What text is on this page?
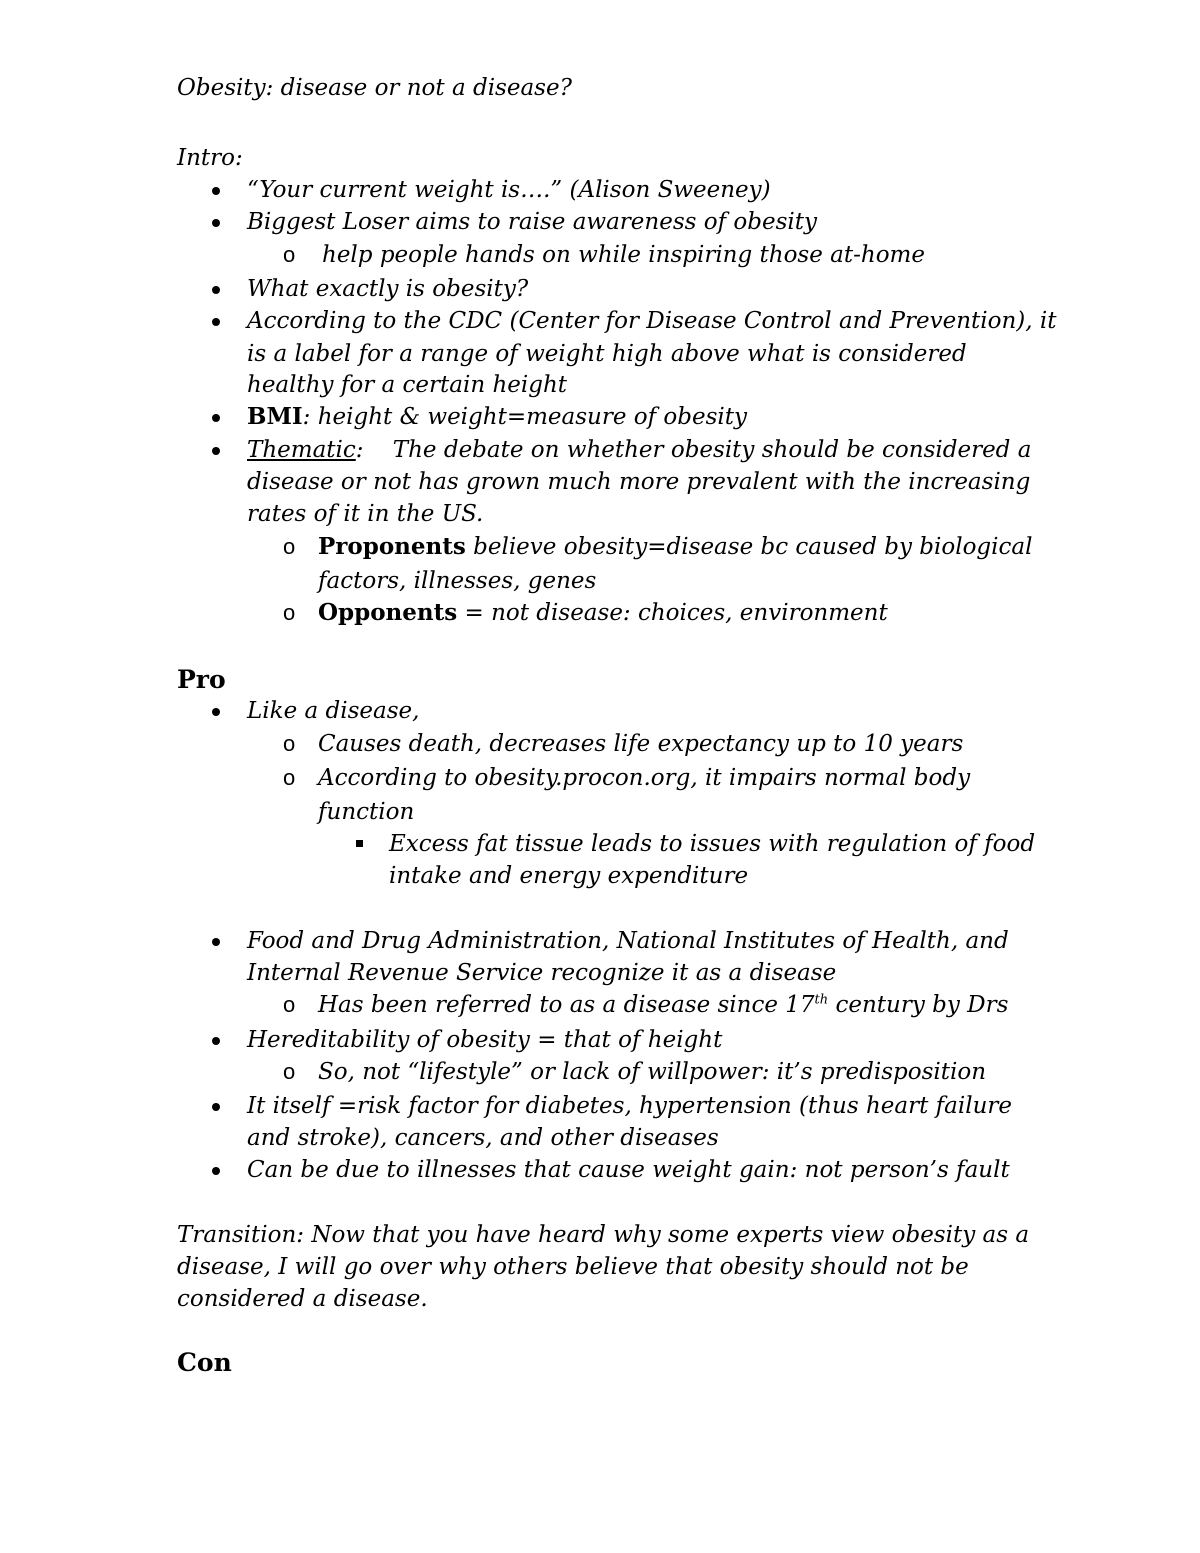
Obesity: disease or not a disease?
Intro:
“Your current weight is….” (Alison Sweeney)
Biggest Loser aims to raise awareness of obesity
o help people hands on while inspiring those at-home
What exactly is obesity?
According to the CDC (Center for Disease Control and Prevention), it
is a label for a range of weight high above what is considered
healthy for a certain height
BMI: height & weight=measure of obesity
Thematic:    The debate on whether obesity should be considered a
disease or not has grown much more prevalent with the increasing
rates of it in the US.
o Proponents believe obesity=disease bc caused by biological
factors, illnesses, genes
o Opponents = not disease: choices, environment
Pro
Like a disease,
o Causes death, decreases life expectancy up to 10 years
o According to obesity.procon.org, it impairs normal body
function
Excess fat tissue leads to issues with regulation of food
intake and energy expenditure
Food and Drug Administration, National Institutes of Health, and
Internal Revenue Service recognize it as a disease
o Has been referred to as a disease since 17th century by Drs
Hereditability of obesity = that of height
o So, not “lifestyle” or lack of willpower: it’s predisposition
It itself =risk factor for diabetes, hypertension (thus heart failure
and stroke), cancers, and other diseases
Can be due to illnesses that cause weight gain: not person’s fault
Transition: Now that you have heard why some experts view obesity as a
disease, I will go over why others believe that obesity should not be
considered a disease.
Con
